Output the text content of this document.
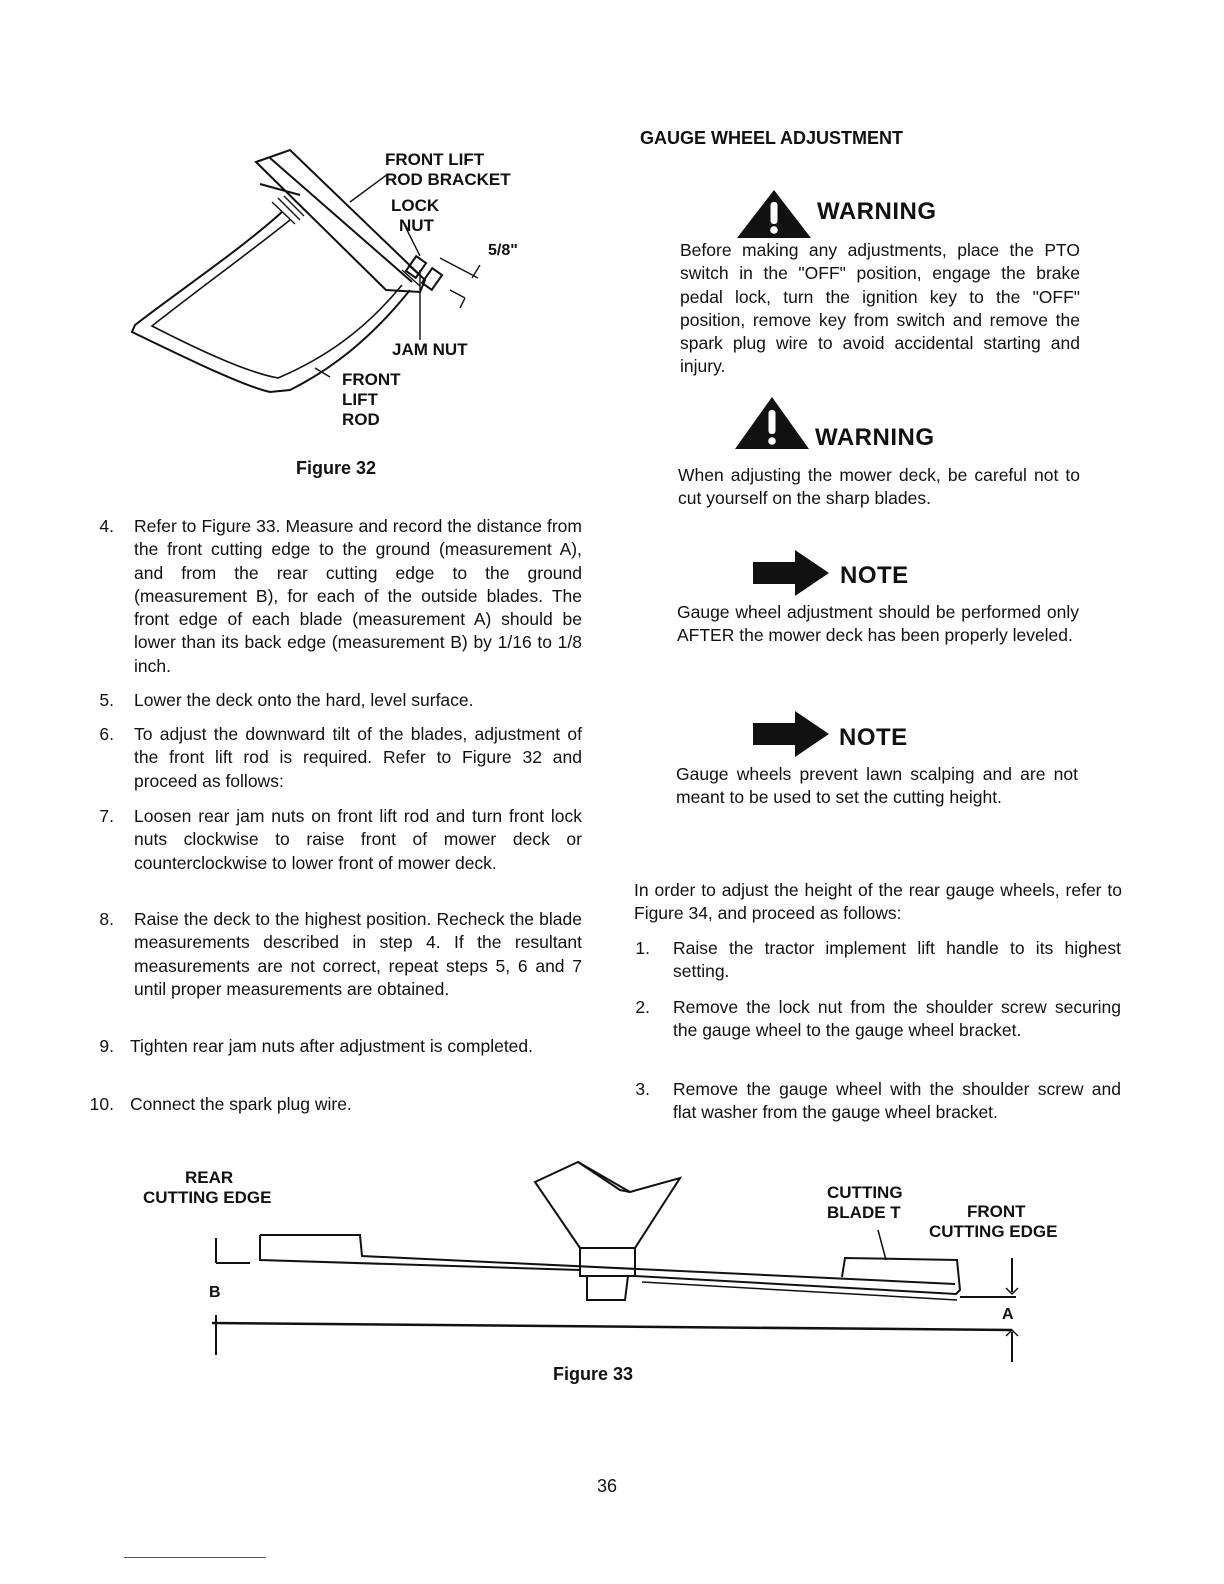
FRONT LIFT
ROD BRACKET
LOCK
NUT
5/8"
JAM NUT
FRONT
LIFT
ROD
Figure 32
4. Refer to Figure 33. Measure and record the distance from the front cutting edge to the ground (measurement A), and from the rear cutting edge to the ground (measurement B), for each of the outside blades. The front edge of each blade (measurement A) should be lower than its back edge (measurement B) by 1/16 to 1/8 inch.
5. Lower the deck onto the hard, level surface.
6. To adjust the downward tilt of the blades, adjustment of the front lift rod is required. Refer to Figure 32 and proceed as follows:
7. Loosen rear jam nuts on front lift rod and turn front lock nuts clockwise to raise front of mower deck or counterclockwise to lower front of mower deck.
8. Raise the deck to the highest position. Recheck the blade measurements described in step 4. If the resultant measurements are not correct, repeat steps 5, 6 and 7 until proper measurements are obtained.
9. Tighten rear jam nuts after adjustment is completed.
10. Connect the spark plug wire.
GAUGE WHEEL ADJUSTMENT
WARNING
Before making any adjustments, place the PTO switch in the "OFF" position, engage the brake pedal lock, turn the ignition key to the "OFF" position, remove key from switch and remove the spark plug wire to avoid accidental starting and injury.
WARNING
When adjusting the mower deck, be careful not to cut yourself on the sharp blades.
NOTE
Gauge wheel adjustment should be performed only AFTER the mower deck has been properly leveled.
NOTE
Gauge wheels prevent lawn scalping and are not meant to be used to set the cutting height.
In order to adjust the height of the rear gauge wheels, refer to Figure 34, and proceed as follows:
1. Raise the tractor implement lift handle to its highest setting.
2. Remove the lock nut from the shoulder screw securing the gauge wheel to the gauge wheel bracket.
3. Remove the gauge wheel with the shoulder screw and flat washer from the gauge wheel bracket.
REAR
CUTTING EDGE	CUTTING
BLADE T	FRONT
CUTTING EDGE
B
A
Figure 33
36
